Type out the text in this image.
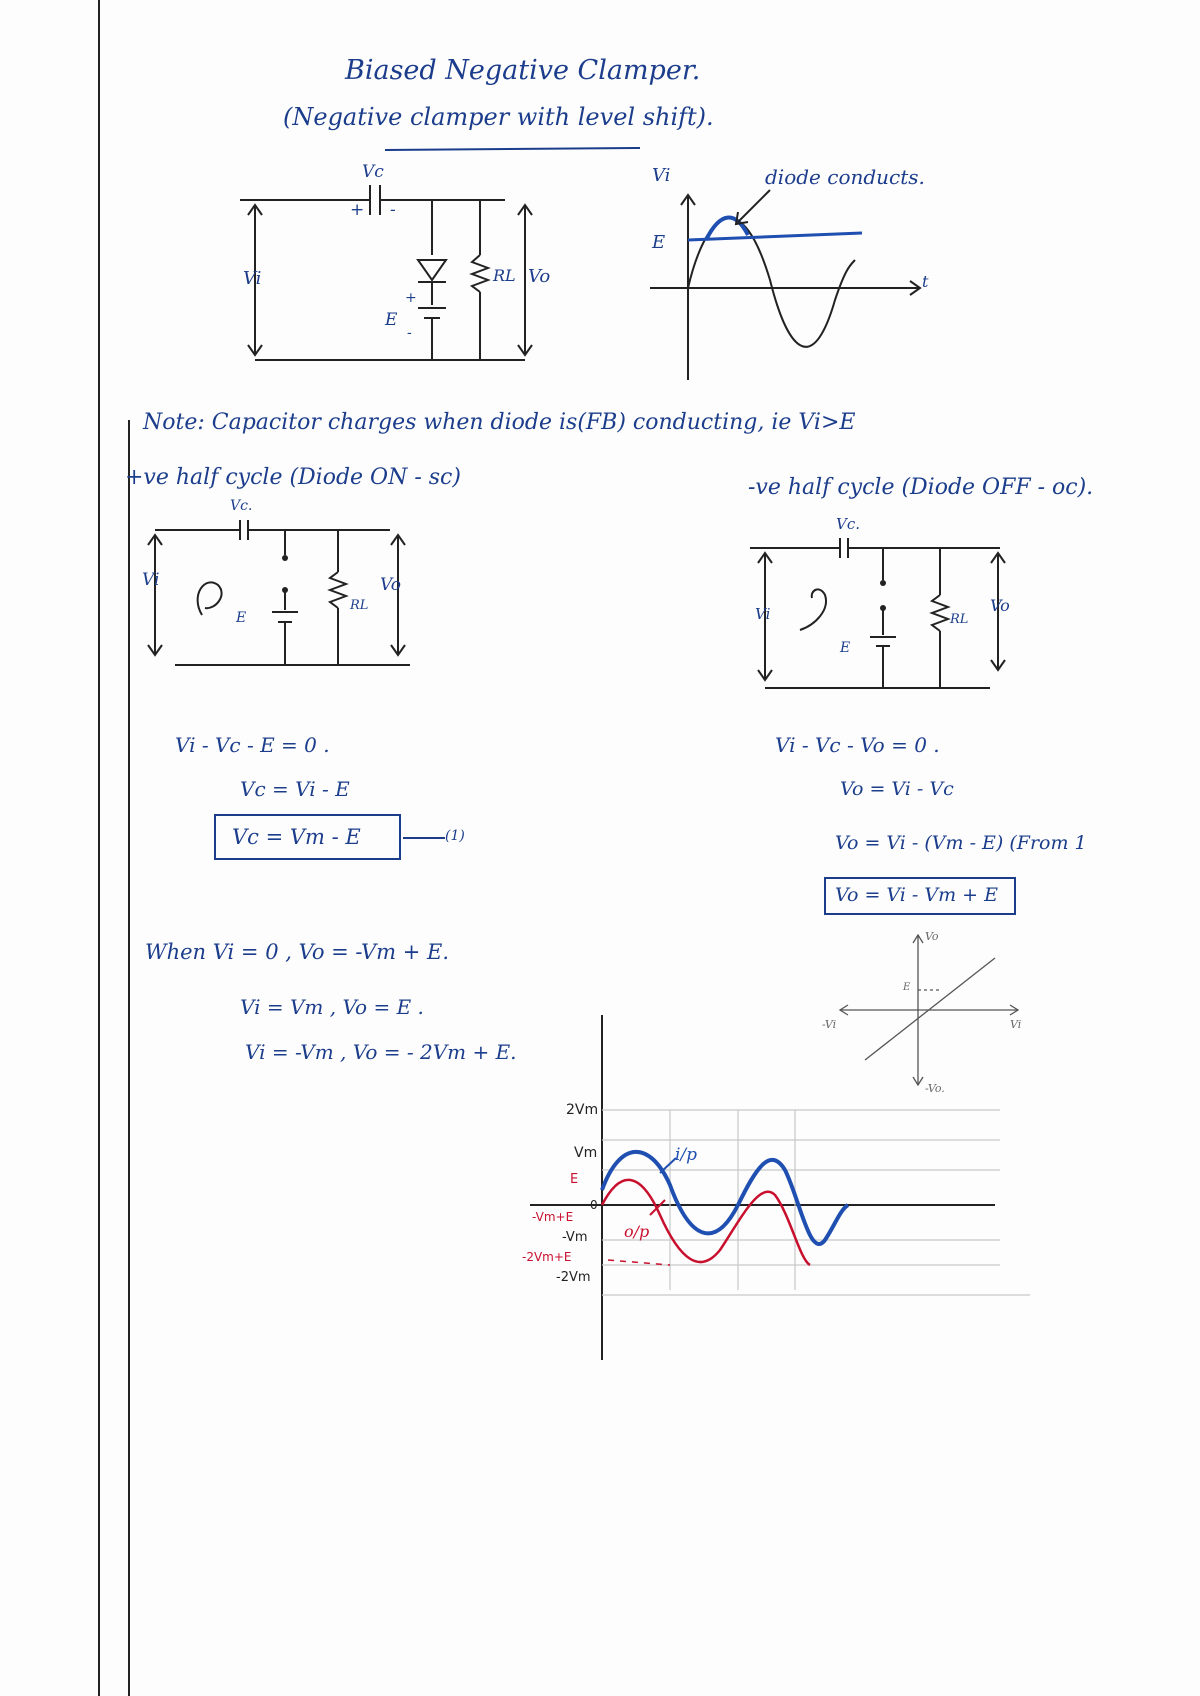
Biased Negative Clamper.
(Negative clamper with level shift).
Vc
+ -
Vi	RL Vo
E
+
-
Vi
E
t
diode conducts.
Note: Capacitor charges when diode is(FB) conducting, ie Vi>E
+ve half cycle (Diode ON - sc)
Vc.
Vi	Vo
RL
E
-ve half cycle (Diode OFF - oc).
Vc.
Vi	Vo
RL
E
Vi - Vc - E = 0 .
Vc = Vi - E
Vc = Vm - E	(1)
Vi - Vc - Vo = 0 .
Vo = Vi - Vc
Vo = Vi - (Vm - E) (From 1
Vo = Vi - Vm + E
When Vi = 0 , Vo = -Vm + E.
Vi = Vm , Vo = E .
Vi = -Vm , Vo = - 2Vm + E.
Vo
-Vo.
Vi
-Vi
E
2Vm
Vm
E
-Vm+E
0
-Vm
-2Vm+E
-2Vm
i/p
o/p
